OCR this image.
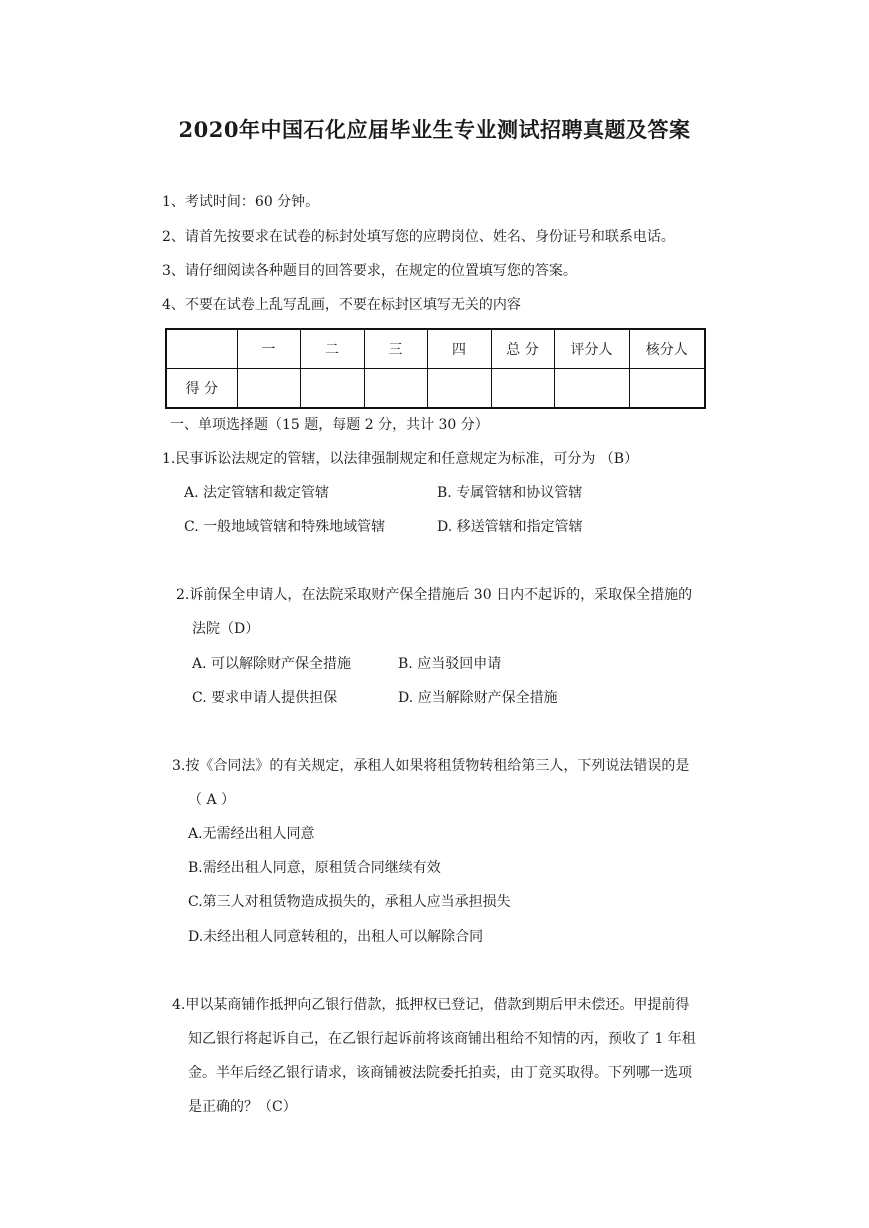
2020年中国石化应届毕业生专业测试招聘真题及答案
1、考试时间：60 分钟。
2、请首先按要求在试卷的标封处填写您的应聘岗位、姓名、身份证号和联系电话。
3、请仔细阅读各种题目的回答要求，在规定的位置填写您的答案。
4、不要在试卷上乱写乱画，不要在标封区填写无关的内容
	一	二	三	四	总 分	评分人	核分人
得 分							
一、单项选择题（15 题，每题 2 分，共计 30 分）
1.民事诉讼法规定的管辖，以法律强制规定和任意规定为标准，可分为 （B）
A. 法定管辖和裁定管辖	B. 专属管辖和协议管辖
C. 一般地域管辖和特殊地域管辖	D. 移送管辖和指定管辖
2.诉前保全申请人，在法院采取财产保全措施后 30 日内不起诉的，采取保全措施的
法院（D）
A. 可以解除财产保全措施	B. 应当驳回申请
C. 要求申请人提供担保	D. 应当解除财产保全措施
3.按《合同法》的有关规定，承租人如果将租赁物转租给第三人，下列说法错误的是
（ A ）
A.无需经出租人同意
B.需经出租人同意，原租赁合同继续有效
C.第三人对租赁物造成损失的，承租人应当承担损失
D.未经出租人同意转租的，出租人可以解除合同
4.甲以某商铺作抵押向乙银行借款，抵押权已登记，借款到期后甲未偿还。甲提前得
知乙银行将起诉自己，在乙银行起诉前将该商铺出租给不知情的丙，预收了 1 年租
金。半年后经乙银行请求，该商铺被法院委托拍卖，由丁竞买取得。下列哪一选项
是正确的？（C）
